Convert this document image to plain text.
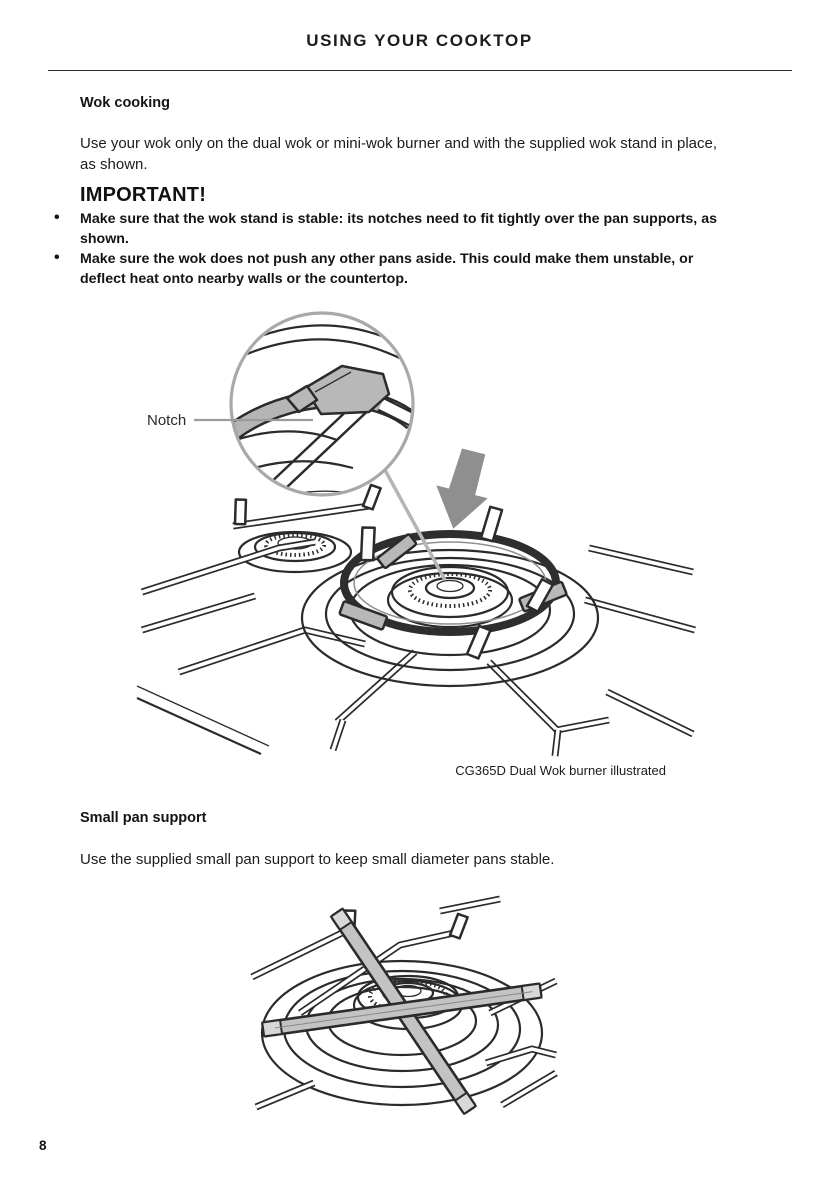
USING YOUR COOKTOP
Wok cooking
Use your wok only on the dual wok or mini-wok burner and with the supplied wok stand in place, as shown.
IMPORTANT!
• Make sure that the wok stand is stable: its notches need to fit tightly over the pan supports, as shown.
• Make sure the wok does not push any other pans aside. This could make them unstable, or deflect heat onto nearby walls or the countertop.
Notch
CG365D Dual Wok burner illustrated
Small pan support
Use the supplied small pan support to keep small diameter pans stable.
8
